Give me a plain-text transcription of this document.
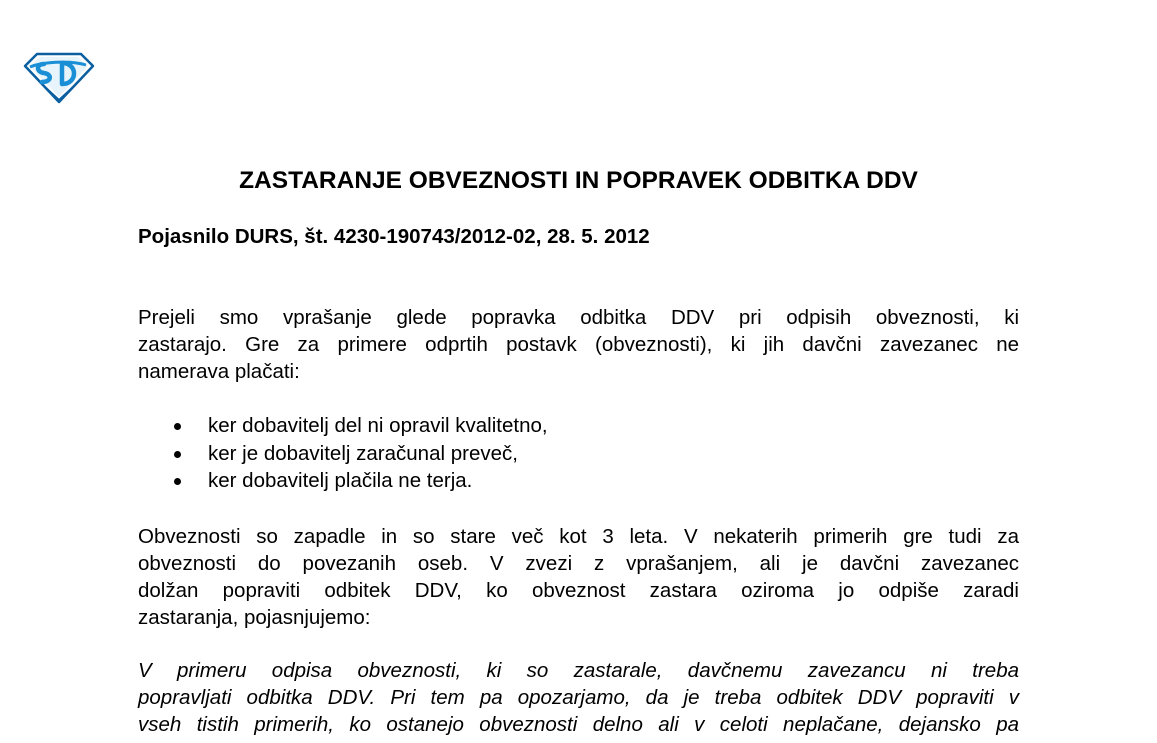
ZASTARANJE OBVEZNOSTI IN POPRAVEK ODBITKA DDV
Pojasnilo DURS, št. 4230-190743/2012-02, 28. 5. 2012

Prejeli smo vprašanje glede popravka odbitka DDV pri odpisih obveznosti, ki
zastarajo. Gre za primere odprtih postavk (obveznosti), ki jih davčni zavezanec ne
namerava plačati:

ker dobavitelj del ni opravil kvalitetno,
ker je dobavitelj zaračunal preveč,
ker dobavitelj plačila ne terja.

Obveznosti so zapadle in so stare več kot 3 leta. V nekaterih primerih gre tudi za
obveznosti do povezanih oseb. V zvezi z vprašanjem, ali je davčni zavezanec
dolžan popraviti odbitek DDV, ko obveznost zastara oziroma jo odpiše zaradi
zastaranja, pojasnjujemo:

V primeru odpisa obveznosti, ki so zastarale, davčnemu zavezancu ni treba
popravljati odbitka DDV. Pri tem pa opozarjamo, da je treba odbitek DDV popraviti v
vseh tistih primerih, ko ostanejo obveznosti delno ali v celoti neplačane, dejansko pa
